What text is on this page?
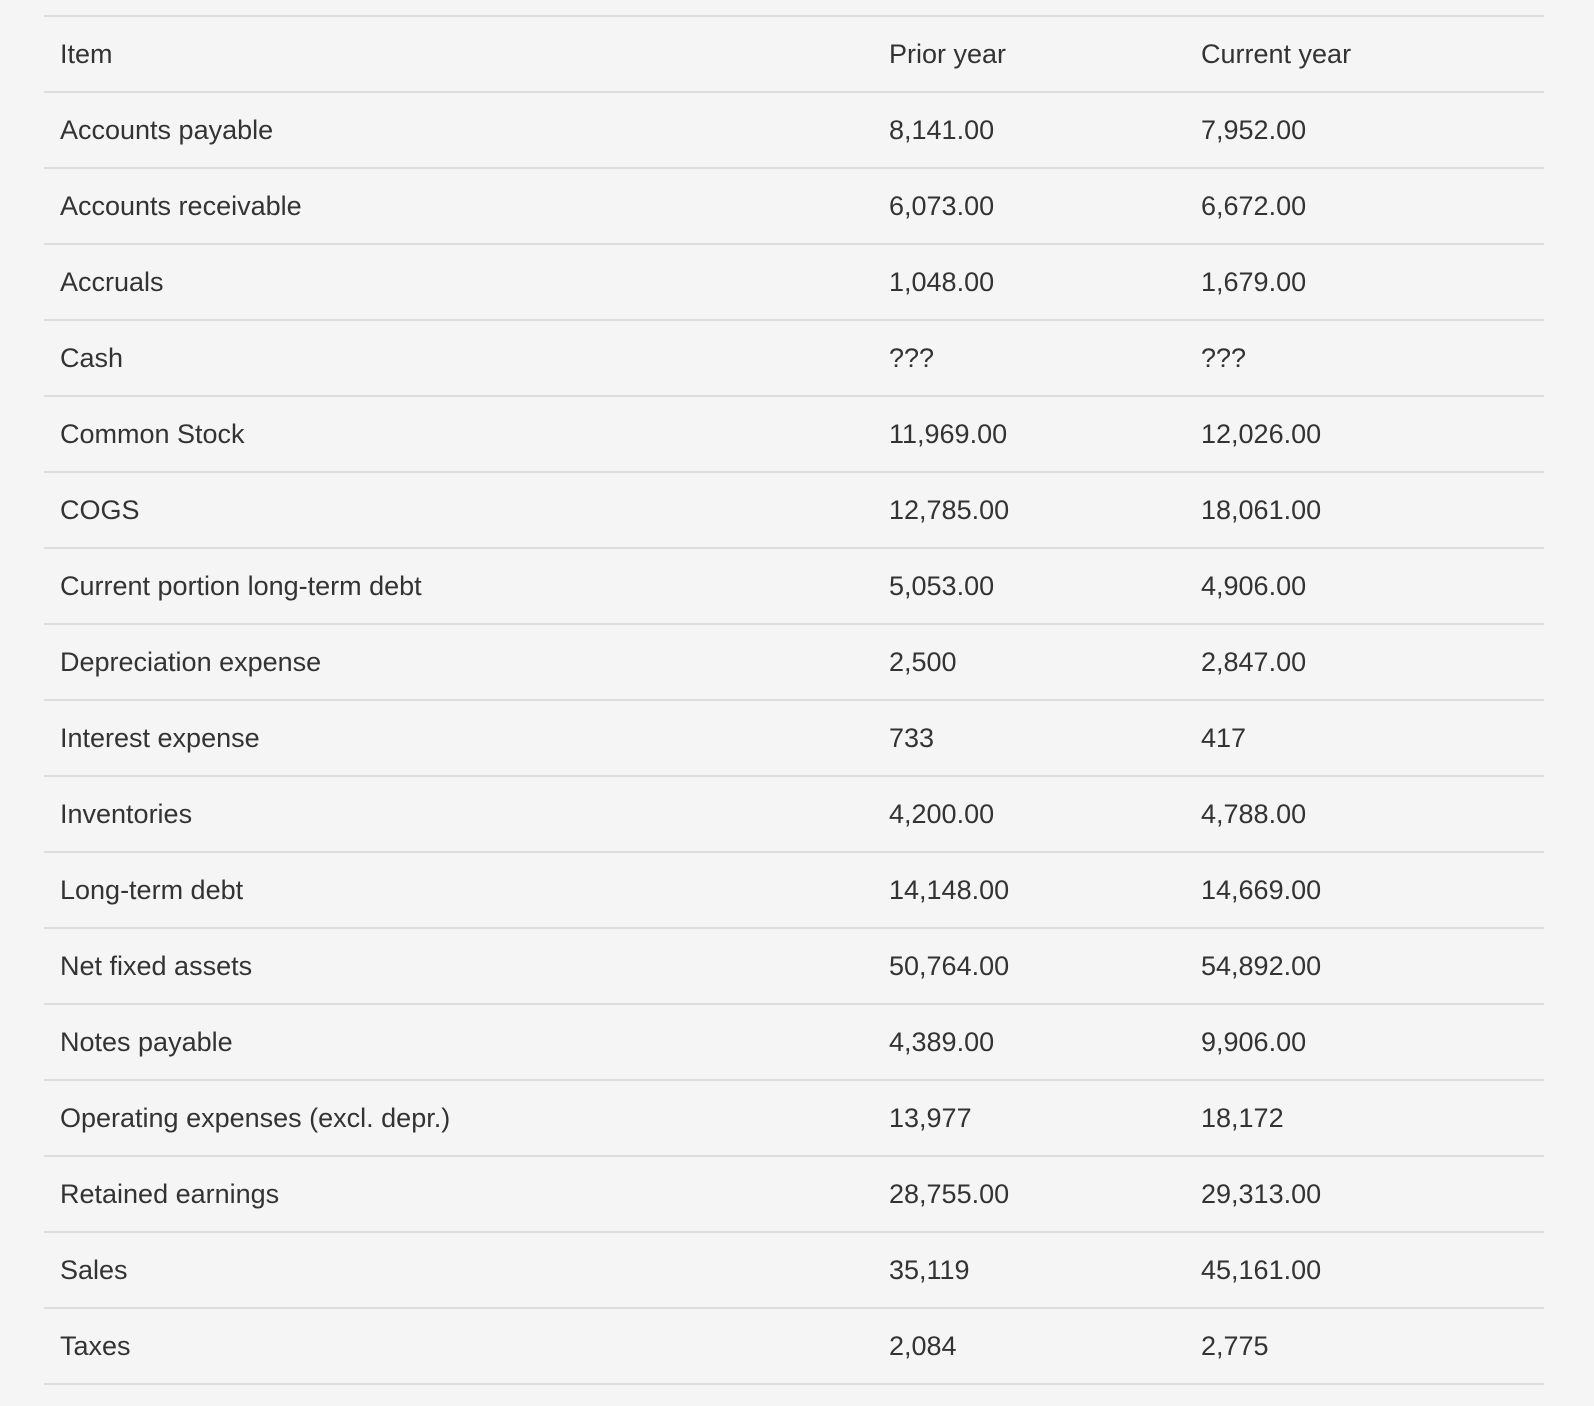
Item	Prior year	Current year
Accounts payable	8,141.00	7,952.00
Accounts receivable	6,073.00	6,672.00
Accruals	1,048.00	1,679.00
Cash	???	???
Common Stock	11,969.00	12,026.00
COGS	12,785.00	18,061.00
Current portion long-term debt	5,053.00	4,906.00
Depreciation expense	2,500	2,847.00
Interest expense	733	417
Inventories	4,200.00	4,788.00
Long-term debt	14,148.00	14,669.00
Net fixed assets	50,764.00	54,892.00
Notes payable	4,389.00	9,906.00
Operating expenses (excl. depr.)	13,977	18,172
Retained earnings	28,755.00	29,313.00
Sales	35,119	45,161.00
Taxes	2,084	2,775
